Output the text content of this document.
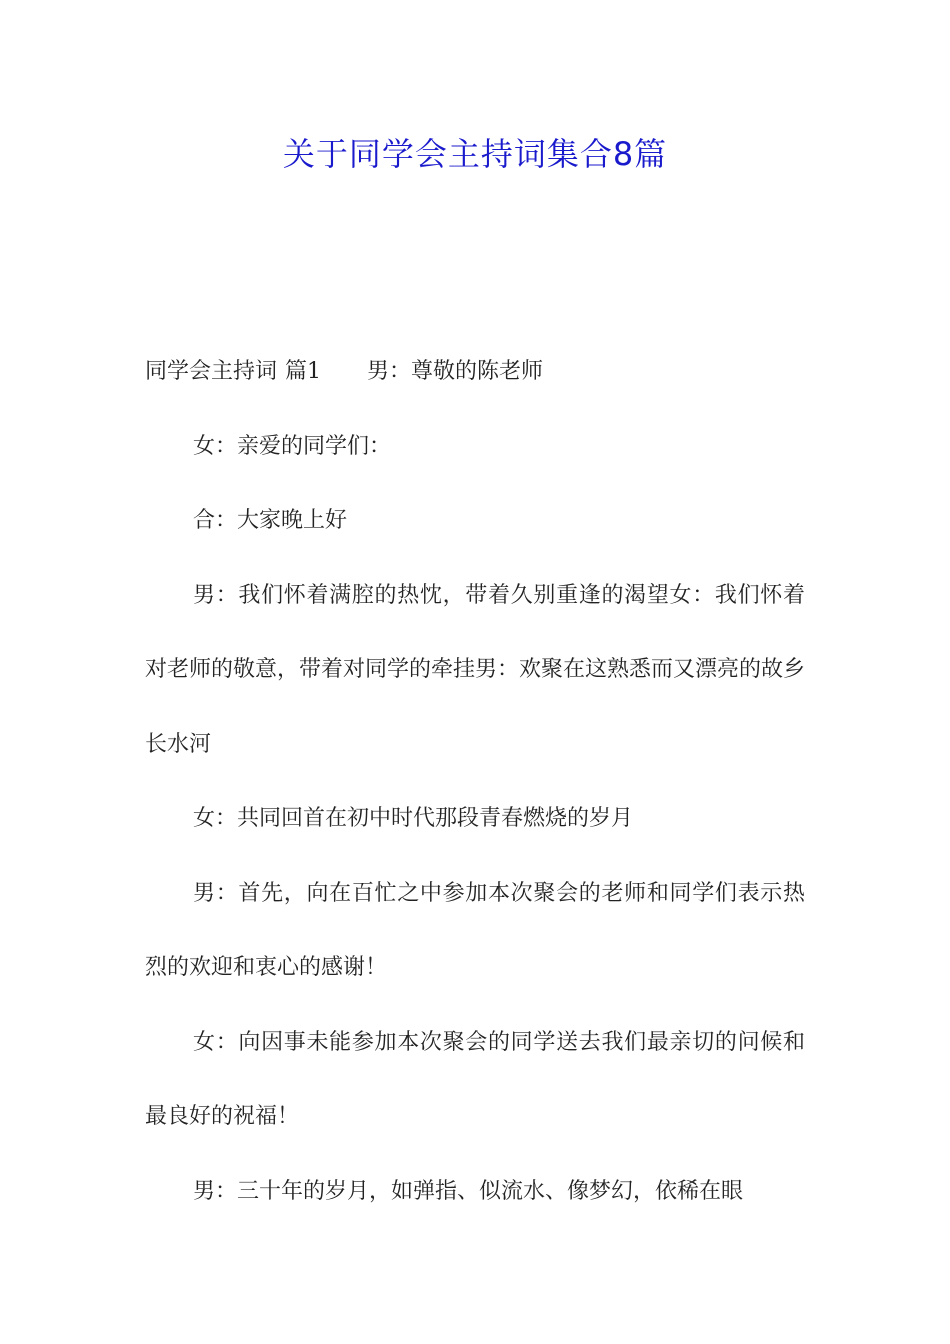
关于同学会主持词集合8篇

同学会主持词 篇1 男：尊敬的陈老师

女：亲爱的同学们：

合：大家晚上好

男：我们怀着满腔的热忱，带着久别重逢的渴望女：我们怀着对老师的敬意，带着对同学的牵挂男：欢聚在这熟悉而又漂亮的故乡长水河

女：共同回首在初中时代那段青春燃烧的岁月

男：首先，向在百忙之中参加本次聚会的老师和同学们表示热烈的欢迎和衷心的感谢！

女：向因事未能参加本次聚会的同学送去我们最亲切的问候和最良好的祝福！

男：三十年的岁月，如弹指、似流水、像梦幻，依稀在眼
